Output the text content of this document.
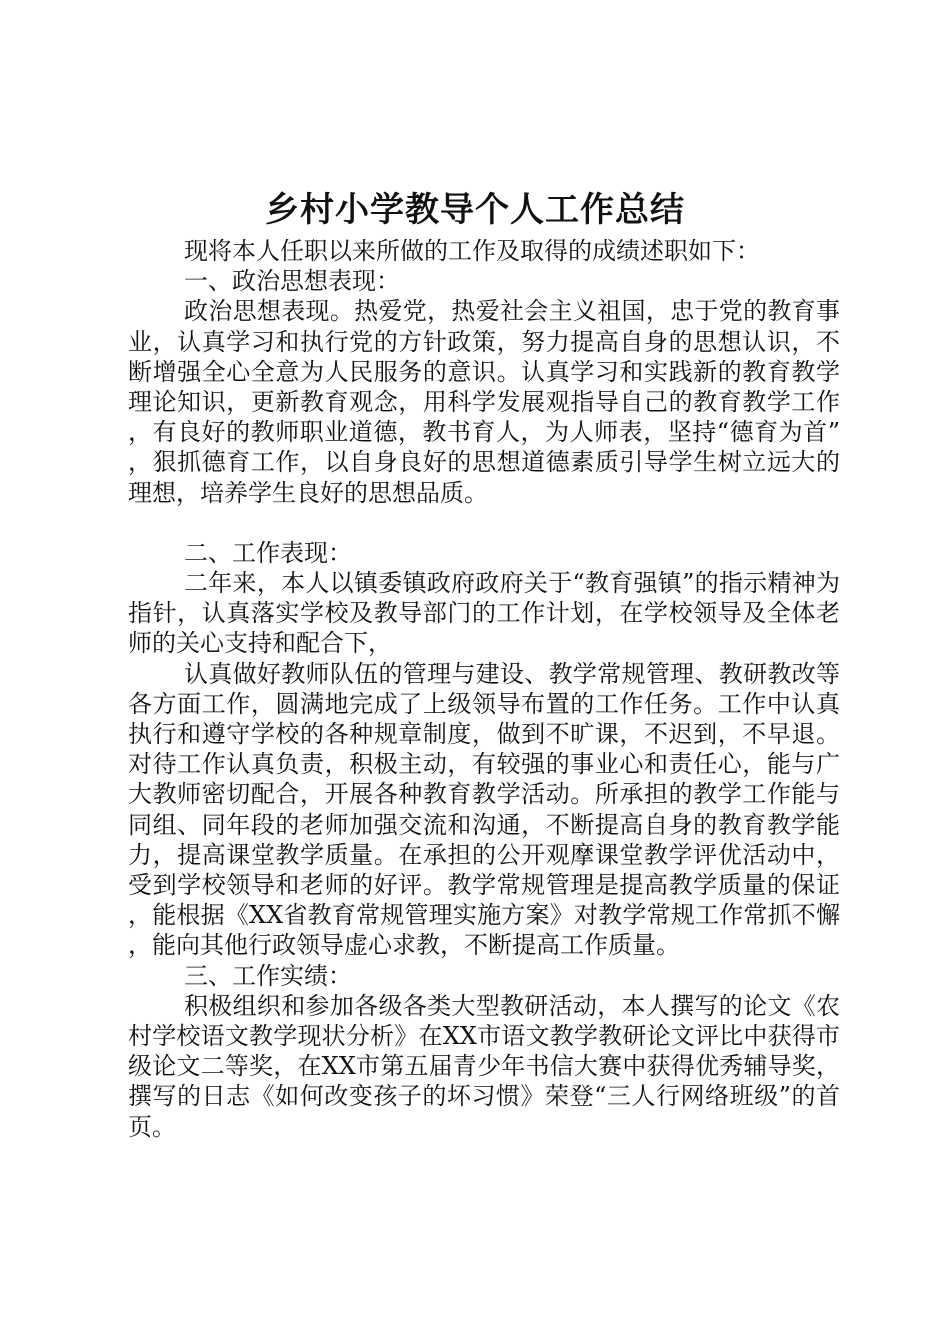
乡村小学教导个人工作总结

现将本人任职以来所做的工作及取得的成绩述职如下：

一、政治思想表现：

政治思想表现。热爱党，热爱社会主义祖国，忠于党的教育事业，认真学习和执行党的方针政策，努力提高自身的思想认识，不断增强全心全意为人民服务的意识。认真学习和实践新的教育教学理论知识，更新教育观念，用科学发展观指导自己的教育教学工作，有良好的教师职业道德，教书育人，为人师表，坚持“德育为首”，狠抓德育工作，以自身良好的思想道德素质引导学生树立远大的理想，培养学生良好的思想品质。

二、工作表现：

二年来，本人以镇委镇政府政府关于“教育强镇”的指示精神为指针，认真落实学校及教导部门的工作计划，在学校领导及全体老师的关心支持和配合下，

认真做好教师队伍的管理与建设、教学常规管理、教研教改等各方面工作，圆满地完成了上级领导布置的工作任务。工作中认真执行和遵守学校的各种规章制度，做到不旷课，不迟到，不早退。对待工作认真负责，积极主动，有较强的事业心和责任心，能与广大教师密切配合，开展各种教育教学活动。所承担的教学工作能与同组、同年段的老师加强交流和沟通，不断提高自身的教育教学能力，提高课堂教学质量。在承担的公开观摩课堂教学评优活动中，受到学校领导和老师的好评。教学常规管理是提高教学质量的保证，能根据《XX省教育常规管理实施方案》对教学常规工作常抓不懈，能向其他行政领导虚心求教，不断提高工作质量。

三、工作实绩：

积极组织和参加各级各类大型教研活动，本人撰写的论文《农村学校语文教学现状分析》在XX市语文教学教研论文评比中获得市级论文二等奖，在XX市第五届青少年书信大赛中获得优秀辅导奖，撰写的日志《如何改变孩子的坏习惯》荣登“三人行网络班级”的首页。
